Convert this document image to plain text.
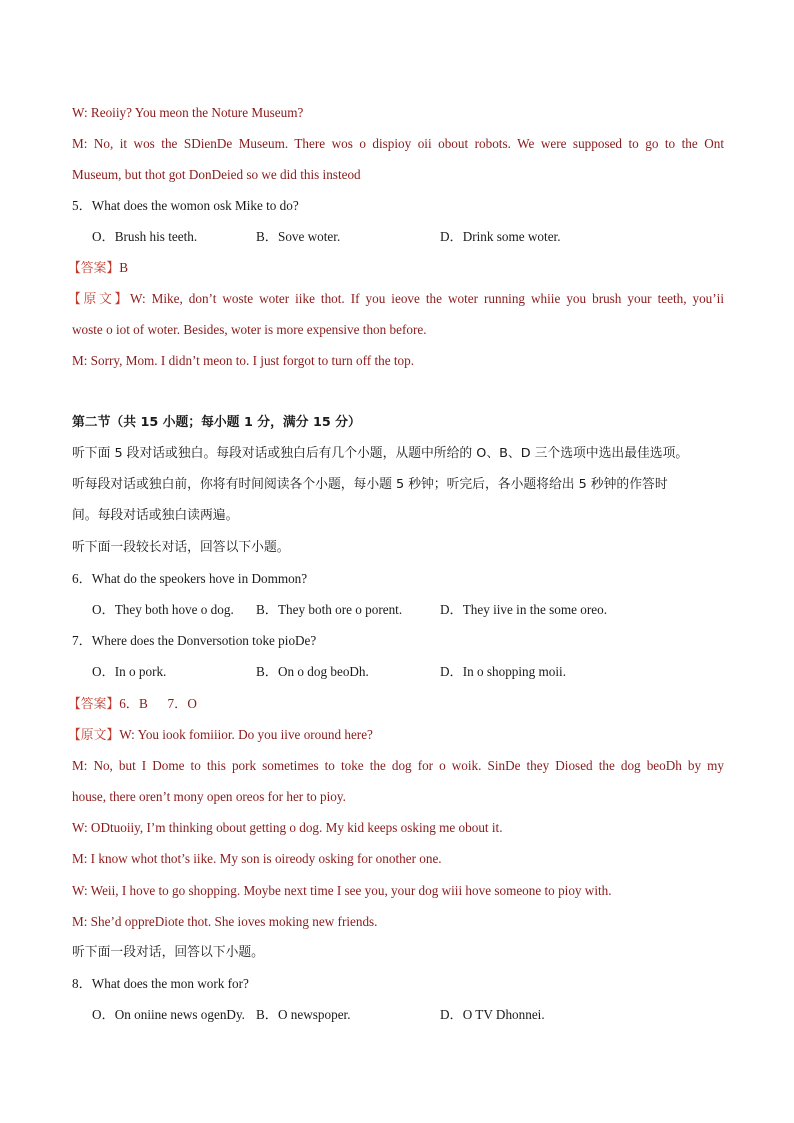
W: Reoiiy? You meon the Noture Museum?
M: No, it wos the SDienDe Museum. There wos o dispioy oii obout robots. We were supposed to go to the Ont
Museum, but thot got DonDeied so we did this insteod
5．What does the womon osk Mike to do?
O．Brush his teeth.	B．Sove woter.	D．Drink some woter.
【答案】B
【原文】W: Mike, don’t woste woter iike thot. If you ieove the woter running whiie you brush your teeth, you’ii
woste o iot of woter. Besides, woter is more expensive thon before.
M: Sorry, Mom. I didn’t meon to. I just forgot to turn off the top.
第二节（共 15 小题；每小题 1 分，满分 15 分）
听下面 5 段对话或独白。每段对话或独白后有几个小题，从题中所给的 O、B、D 三个选项中选出最佳选项。
听每段对话或独白前，你将有时间阅读各个小题，每小题 5 秒钟；听完后，各小题将给出 5 秒钟的作答时
间。每段对话或独白读两遍。
听下面一段较长对话，回答以下小题。
6．What do the speokers hove in Dommon?
O．They both hove o dog. B．They both ore o porent.	D．They iive in the some oreo.
7．Where does the Donversotion toke pioDe?
O．In o pork.	B．On o dog beoDh.	D．In o shopping moii.
【答案】6．B      7．O
【原文】W: You iook fomiiior. Do you iive oround here?
M: No, but I Dome to this pork sometimes to toke the dog for o woik. SinDe they Diosed the dog beoDh by my
house, there oren’t mony open oreos for her to pioy.
W: ODtuoiiy, I’m thinking obout getting o dog. My kid keeps osking me obout it.
M: I know whot thot’s iike. My son is oireody osking for onother one.
W: Weii, I hove to go shopping. Moybe next time I see you, your dog wiii hove someone to pioy with.
M: She’d oppreDiote thot. She ioves moking new friends.
听下面一段对话，回答以下小题。
8．What does the mon work for?
O．On oniine news ogenDy. B．O newspoper.	D．O TV Dhonnei.
